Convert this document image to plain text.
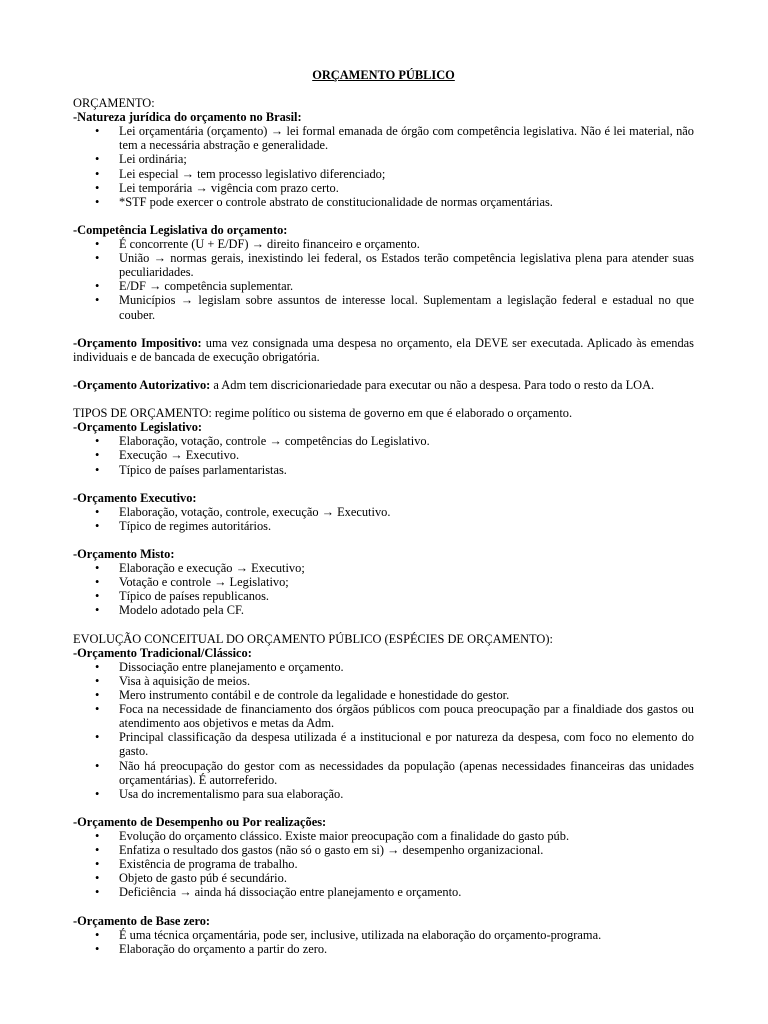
ORÇAMENTO PÚBLICO
ORÇAMENTO:
-Natureza jurídica do orçamento no Brasil:
• Lei orçamentária (orçamento) → lei formal emanada de órgão com competência legislativa. Não é lei material, não tem a necessária abstração e generalidade.
• Lei ordinária;
• Lei especial → tem processo legislativo diferenciado;
• Lei temporária → vigência com prazo certo.
• *STF pode exercer o controle abstrato de constitucionalidade de normas orçamentárias.
-Competência Legislativa do orçamento:
• É concorrente (U + E/DF) → direito financeiro e orçamento.
• União → normas gerais, inexistindo lei federal, os Estados terão competência legislativa plena para atender suas peculiaridades.
• E/DF → competência suplementar.
• Municípios → legislam sobre assuntos de interesse local. Suplementam a legislação federal e estadual no que couber.
-Orçamento Impositivo: uma vez consignada uma despesa no orçamento, ela DEVE ser executada. Aplicado às emendas individuais e de bancada de execução obrigatória.
-Orçamento Autorizativo: a Adm tem discricionariedade para executar ou não a despesa. Para todo o resto da LOA.
TIPOS DE ORÇAMENTO: regime político ou sistema de governo em que é elaborado o orçamento.
-Orçamento Legislativo:
• Elaboração, votação, controle → competências do Legislativo.
• Execução → Executivo.
• Típico de países parlamentaristas.
-Orçamento Executivo:
• Elaboração, votação, controle, execução → Executivo.
• Típico de regimes autoritários.
-Orçamento Misto:
• Elaboração e execução → Executivo;
• Votação e controle → Legislativo;
• Típico de países republicanos.
• Modelo adotado pela CF.
EVOLUÇÃO CONCEITUAL DO ORÇAMENTO PÚBLICO (ESPÉCIES DE ORÇAMENTO):
-Orçamento Tradicional/Clássico:
• Dissociação entre planejamento e orçamento.
• Visa à aquisição de meios.
• Mero instrumento contábil e de controle da legalidade e honestidade do gestor.
• Foca na necessidade de financiamento dos órgãos públicos com pouca preocupação par a finaldiade dos gastos ou atendimento aos objetivos e metas da Adm.
• Principal classificação da despesa utilizada é a institucional e por natureza da despesa, com foco no elemento do gasto.
• Não há preocupação do gestor com as necessidades da população (apenas necessidades financeiras das unidades orçamentárias). É autorreferido.
• Usa do incrementalismo para sua elaboração.
-Orçamento de Desempenho ou Por realizações:
• Evolução do orçamento clássico. Existe maior preocupação com a finalidade do gasto púb.
• Enfatiza o resultado dos gastos (não só o gasto em si) → desempenho organizacional.
• Existência de programa de trabalho.
• Objeto de gasto púb é secundário.
• Deficiência → ainda há dissociação entre planejamento e orçamento.
-Orçamento de Base zero:
• É uma técnica orçamentária, pode ser, inclusive, utilizada na elaboração do orçamento-programa.
• Elaboração do orçamento a partir do zero.
